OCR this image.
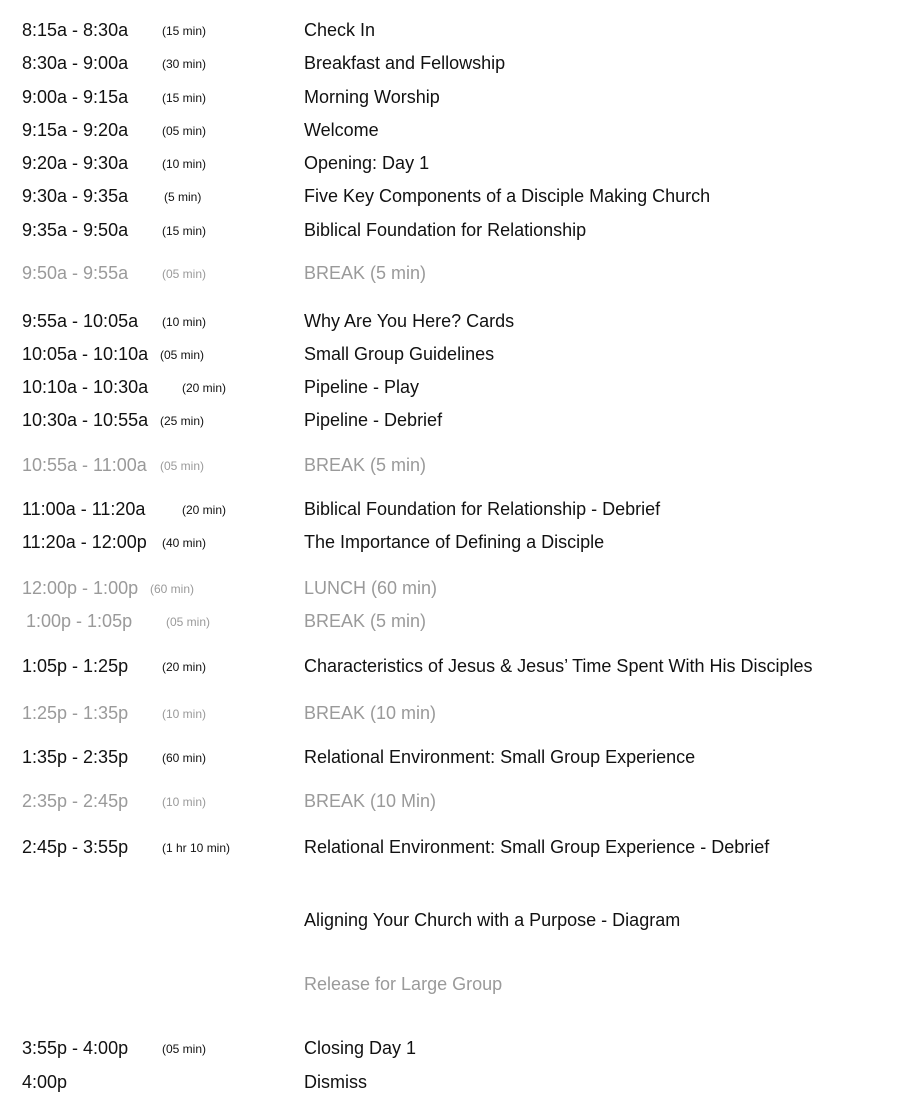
8:15a - 8:30a	(15 min)	Check In
8:30a - 9:00a	(30 min)	Breakfast and Fellowship
9:00a - 9:15a	(15 min)	Morning Worship
9:15a - 9:20a	(05 min)	Welcome
9:20a - 9:30a	(10 min)	Opening: Day 1
9:30a - 9:35a	(5 min)	Five Key Components of a Disciple Making Church
9:35a - 9:50a	(15 min)	Biblical Foundation for Relationship
9:50a - 9:55a	(05 min)	BREAK (5 min)
9:55a - 10:05a (10 min)	Why Are You Here? Cards
10:05a - 10:10a (05 min)	Small Group Guidelines
10:10a - 10:30a	(20 min)	Pipeline - Play
10:30a - 10:55a (25 min)	Pipeline - Debrief
10:55a - 11:00a (05 min)	BREAK (5 min)
11:00a - 11:20a	(20 min)	Biblical Foundation for Relationship - Debrief
11:20a - 12:00p (40 min)	The Importance of Defining a Disciple
12:00p - 1:00p (60 min)	LUNCH (60 min)
1:00p - 1:05p	(05 min)	BREAK (5 min)
1:05p - 1:25p	(20 min)	Characteristics of Jesus & Jesus’ Time Spent With His Disciples
1:25p - 1:35p	(10 min)	BREAK (10 min)
1:35p - 2:35p	(60 min)	Relational Environment: Small Group Experience
2:35p - 2:45p	(10 min)	BREAK (10 Min)
2:45p - 3:55p	(1 hr 10 min)	Relational Environment: Small Group Experience - Debrief
Aligning Your Church with a Purpose - Diagram
Release for Large Group
3:55p - 4:00p	(05 min)	Closing Day 1
4:00p	Dismiss
